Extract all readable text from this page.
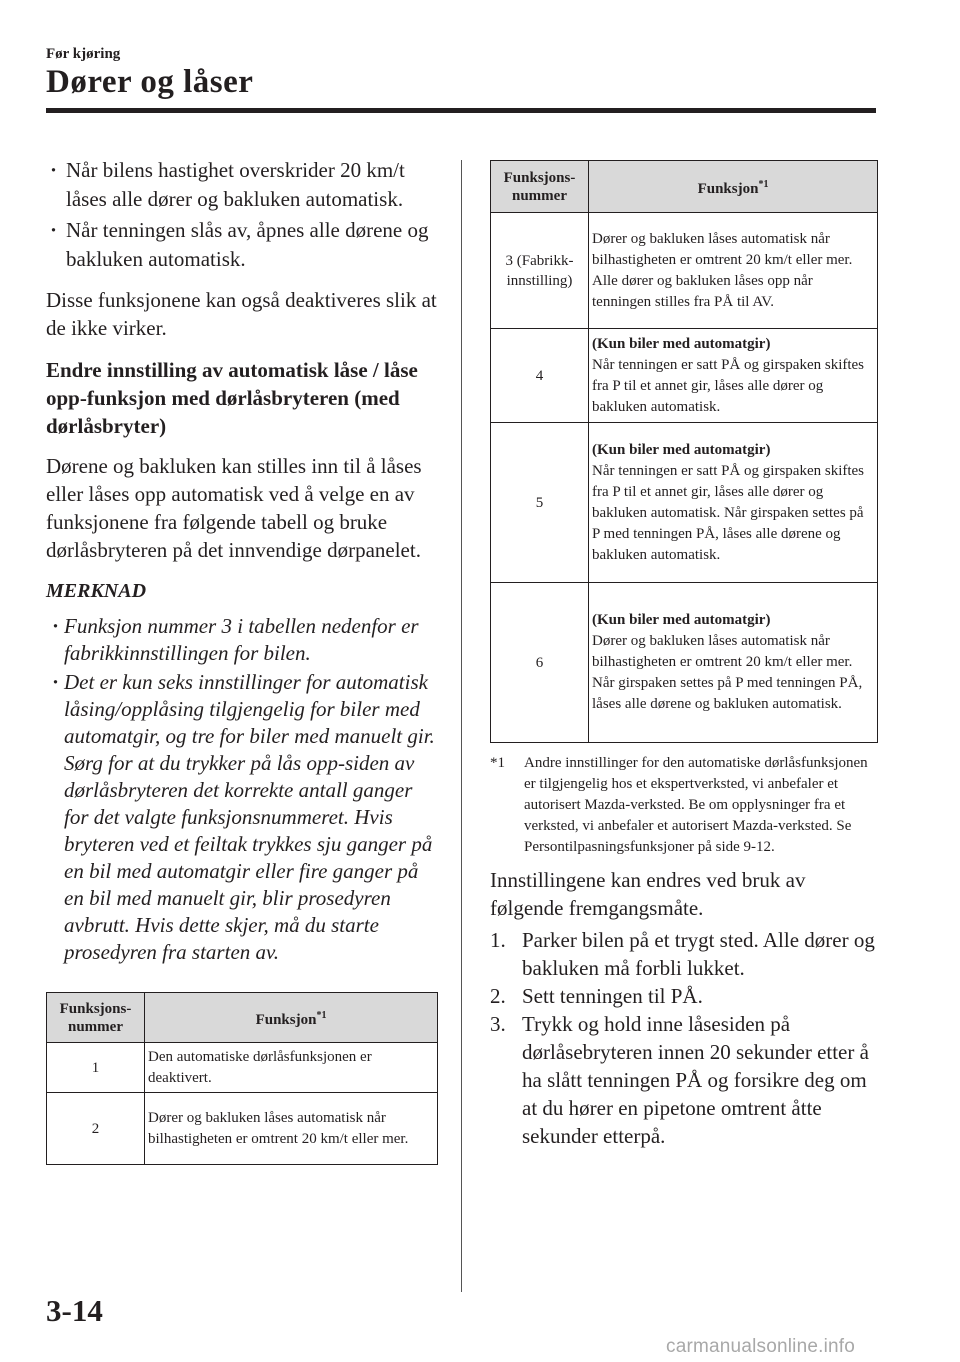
Før kjøring
Dører og låser
· Når bilens hastighet overskrider 20 km/t låses alle dører og bakluken automatisk.
· Når tenningen slås av, åpnes alle dørene og bakluken automatisk.

Disse funksjonene kan også deaktiveres slik at de ikke virker.

Endre innstilling av automatisk låse / låse opp-funksjon med dørlåsbryteren (med dørlåsbryter)

Dørene og bakluken kan stilles inn til å låses eller låses opp automatisk ved å velge en av funksjonene fra følgende tabell og bruke dørlåsbryteren på det innvendige dørpanelet.

MERKNAD
· Funksjon nummer 3 i tabellen nedenfor er fabrikkinnstillingen for bilen.
· Det er kun seks innstillinger for automatisk låsing/opplåsing tilgjengelig for biler med automatgir, og tre for biler med manuelt gir. Sørg for at du trykker på lås opp-siden av dørlåsbryteren det korrekte antall ganger for det valgte funksjonsnummeret. Hvis bryteren ved et feiltak trykkes sju ganger på en bil med automatgir eller fire ganger på en bil med manuelt gir, blir prosedyren avbrutt. Hvis dette skjer, må du starte prosedyren fra starten av.
Funksjons-nummer	Funksjon$^{*1}$
1	Den automatiske dørlåsfunksjonen er deaktivert.
2	Dører og bakluken låses automatisk når bilhastigheten er omtrent 20 km/t eller mer.
Funksjons-nummer	Funksjon$^{*1}$
3 (Fabrikk-innstilling)	Dører og bakluken låses automatisk når bilhastigheten er omtrent 20 km/t eller mer. Alle dører og bakluken låses opp når tenningen stilles fra PÅ til AV.
4	(Kun biler med automatgir)
Når tenningen er satt PÅ og girspaken skiftes fra P til et annet gir, låses alle dører og bakluken automatisk.

5	(Kun biler med automatgir)
Når tenningen er satt PÅ og girspaken skiftes fra P til et annet gir, låses alle dører og bakluken automatisk. Når girspaken settes på P med tenningen PÅ, låses alle dørene og bakluken automatisk.

6	(Kun biler med automatgir)
Dører og bakluken låses automatisk når bilhastigheten er omtrent 20 km/t eller mer. Når girspaken settes på P med tenningen PÅ, låses alle dørene og bakluken automatisk.
*1 Andre innstillinger for den automatiske dørlåsfunksjonen er tilgjengelig hos et ekspertverksted, vi anbefaler et autorisert Mazda-verksted. Be om opplysninger fra et verksted, vi anbefaler et autorisert Mazda-verksted. Se Persontilpasningsfunksjoner på side 9-12.

Innstillingene kan endres ved bruk av følgende fremgangsmåte.

1. Parker bilen på et trygt sted. Alle dører og bakluken må forbli lukket.
2. Sett tenningen til PÅ.
3. Trykk og hold inne låsesiden på dørlåsebryteren innen 20 sekunder etter å ha slått tenningen PÅ og forsikre deg om at du hører en pipetone omtrent åtte sekunder etterpå.
3-14
carmanualsonline.info
